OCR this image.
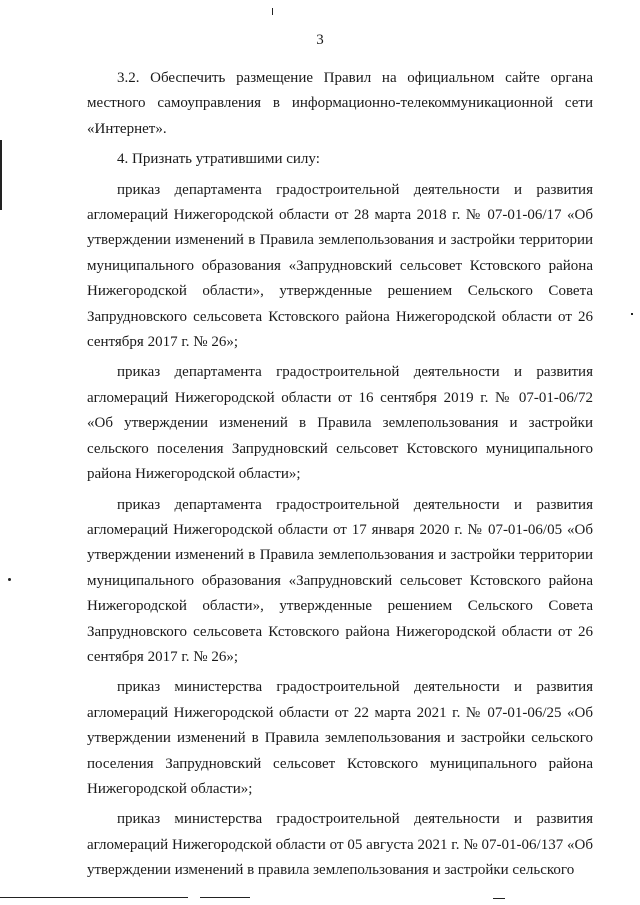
3

3.2. Обеспечить размещение Правил на официальном сайте органа местного самоуправления в информационно-телекоммуникационной сети «Интернет».

4. Признать утратившими силу:

приказ департамента градостроительной деятельности и развития агломераций Нижегородской области от 28 марта 2018 г. № 07-01-06/17 «Об утверждении изменений в Правила землепользования и застройки территории муниципального образования «Запрудновский сельсовет Кстовского района Нижегородской области», утвержденные решением Сельского Совета Запрудновского сельсовета Кстовского района Нижегородской области от 26 сентября 2017 г. № 26»;

приказ департамента градостроительной деятельности и развития агломераций Нижегородской области от 16 сентября 2019 г. № 07-01-06/72 «Об утверждении изменений в Правила землепользования и застройки сельского поселения Запрудновский сельсовет Кстовского муниципального района Нижегородской области»;

приказ департамента градостроительной деятельности и развития агломераций Нижегородской области от 17 января 2020 г. № 07-01-06/05 «Об утверждении изменений в Правила землепользования и застройки территории муниципального образования «Запрудновский сельсовет Кстовского района Нижегородской области», утвержденные решением Сельского Совета Запрудновского сельсовета Кстовского района Нижегородской области от 26 сентября 2017 г. № 26»;

приказ министерства градостроительной деятельности и развития агломераций Нижегородской области от 22 марта 2021 г. № 07-01-06/25 «Об утверждении изменений в Правила землепользования и застройки сельского поселения Запрудновский сельсовет Кстовского муниципального района Нижегородской области»;

приказ министерства градостроительной деятельности и развития агломераций Нижегородской области от 05 августа 2021 г. № 07-01-06/137 «Об утверждении изменений в правила землепользования и застройки сельского
